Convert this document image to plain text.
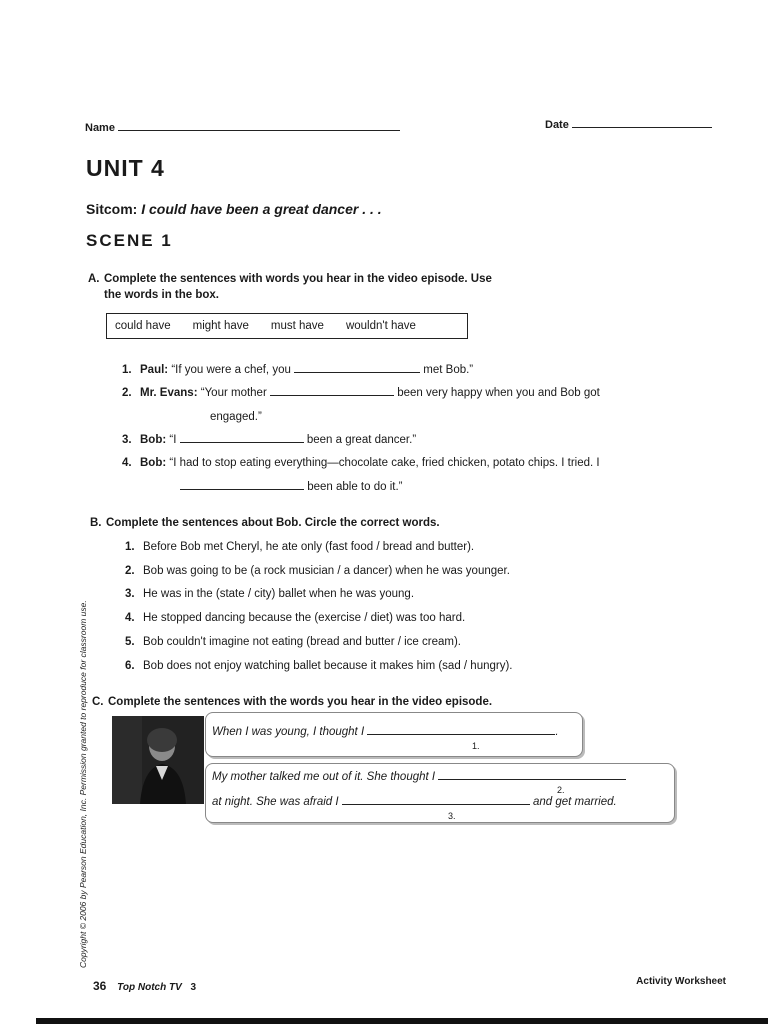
Name	Date
UNIT 4
Sitcom: I could have been a great dancer . . .
SCENE 1
A. Complete the sentences with words you hear in the video episode. Use
the words in the box.
could have might have must have wouldn't have
1. Paul: “If you were a chef, you	met Bob.”
2. Mr. Evans: “Your mother	been very happy when you and Bob got
engaged.”
3. Bob: “I	been a great dancer.”
4. Bob: “I had to stop eating everything—chocolate cake, fried chicken, potato chips. I tried. I
been able to do it.”
B. Complete the sentences about Bob. Circle the correct words.
1. Before Bob met Cheryl, he ate only (fast food / bread and butter).
2. Bob was going to be (a rock musician / a dancer) when he was younger.
3. He was in the (state / city) ballet when he was young.
4. He stopped dancing because the (exercise / diet) was too hard.
5. Bob couldn't imagine not eating (bread and butter / ice cream).
6. Bob does not enjoy watching ballet because it makes him (sad / hungry).
C. Complete the sentences with the words you hear in the video episode.
When I was young, I thought I	.
1.
My mother talked me out of it. She thought I
2.
at night. She was afraid I	and get married.
3.
Copyright © 2006 by Pearson Education, Inc. Permission granted to reproduce for classroom use.
36 Top Notch TV 3
Activity Worksheet
